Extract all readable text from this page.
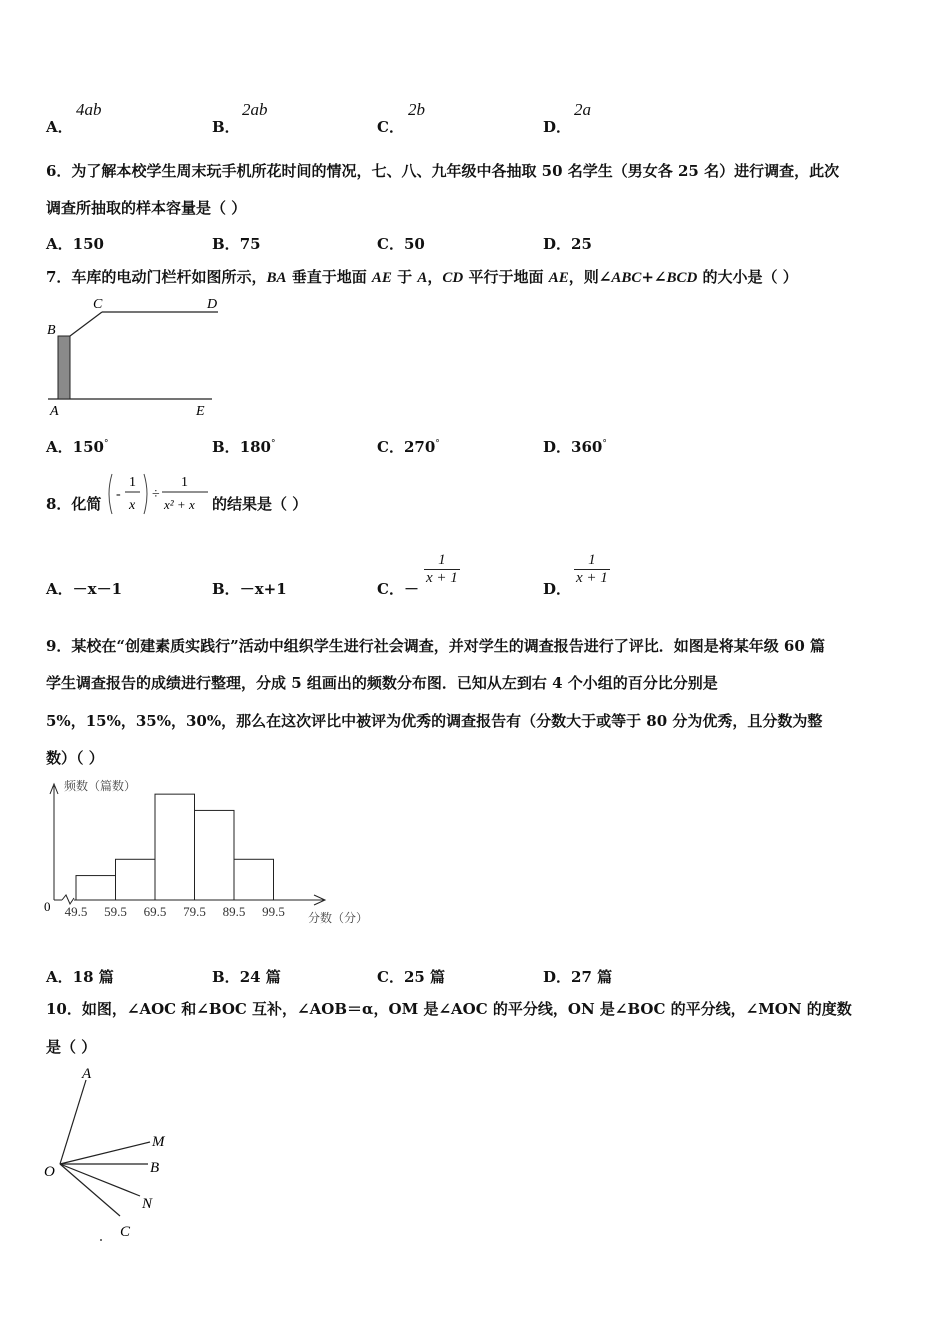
A．
4ab
B．
2ab
C．
2b
D．
2a
6．为了解本校学生周末玩手机所花时间的情况，七、八、九年级中各抽取 50 名学生（男女各 25 名）进行调查，此次
调查所抽取的样本容量是（ ）
A．150	B．75	C．50	D．25
7．车库的电动门栏杆如图所示，BA 垂直于地面 AE 于 A，CD 平行于地面 AE，则∠ABC+∠BCD 的大小是（ ）
B
C	D
A	E
A．150°	B．180°	C．270°	D．360°
8．化简
-
1
x
÷
1
x² + x 的结果是（ ）
A．－x－1	B．－x+1	C．－
$\frac{1}{x + 1}$
D．
$\frac{1}{x + 1}$
9．某校在“创建素质实践行”活动中组织学生进行社会调查，并对学生的调查报告进行了评比．如图是将某年级 60 篇
学生调查报告的成绩进行整理，分成 5 组画出的频数分布图．已知从左到右 4 个小组的百分比分别是
5%，15%，35%，30%，那么在这次评比中被评为优秀的调查报告有（分数大于或等于 80 分为优秀，且分数为整
数）（ ）
频数（篇数）
分数（分）
0 49.5 59.5 69.5 79.5 89.5 99.5
A．18 篇	B．24 篇	C．25 篇	D．27 篇
10．如图，∠AOC 和∠BOC 互补，∠AOB＝α，OM 是∠AOC 的平分线，ON 是∠BOC 的平分线，∠MON 的度数
是（ ）
A
M
B
O
N
C
